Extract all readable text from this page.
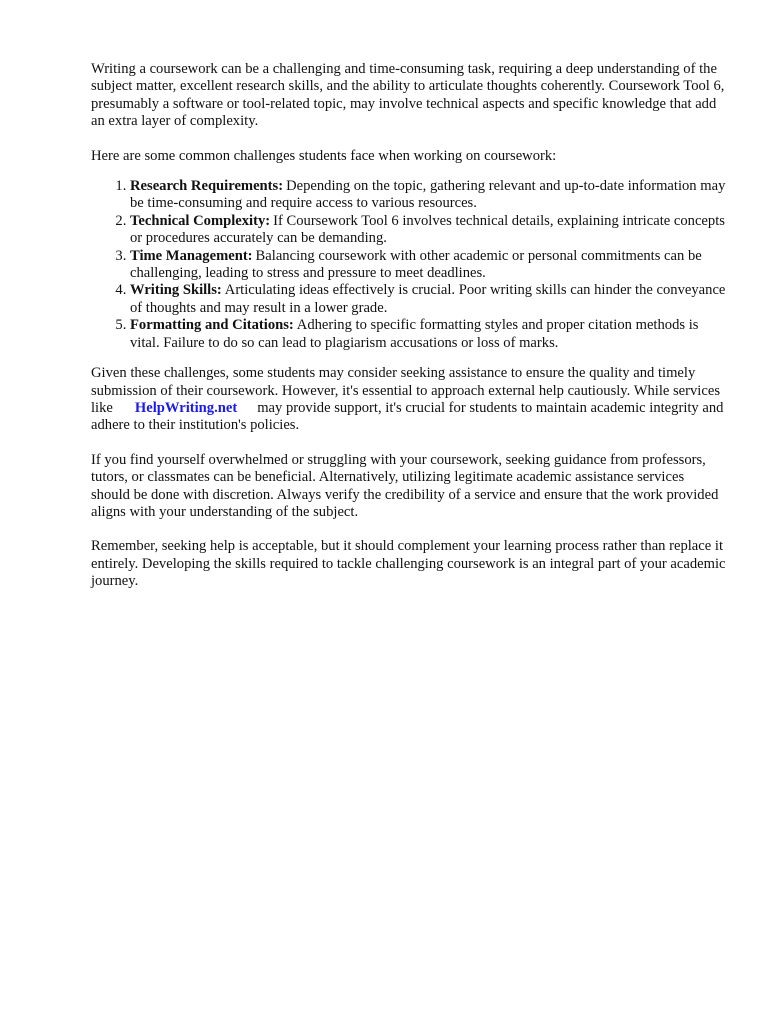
Writing a coursework can be a challenging and time-consuming task, requiring a deep understanding of the subject matter, excellent research skills, and the ability to articulate thoughts coherently. Coursework Tool 6, presumably a software or tool-related topic, may involve technical aspects and specific knowledge that add an extra layer of complexity.

Here are some common challenges students face when working on coursework:

1. Research Requirements: Depending on the topic, gathering relevant and up-to-date information may be time-consuming and require access to various resources.
2. Technical Complexity: If Coursework Tool 6 involves technical details, explaining intricate concepts or procedures accurately can be demanding.
3. Time Management: Balancing coursework with other academic or personal commitments can be challenging, leading to stress and pressure to meet deadlines.
4. Writing Skills: Articulating ideas effectively is crucial. Poor writing skills can hinder the conveyance of thoughts and may result in a lower grade.
5. Formatting and Citations: Adhering to specific formatting styles and proper citation methods is vital. Failure to do so can lead to plagiarism accusations or loss of marks.

Given these challenges, some students may consider seeking assistance to ensure the quality and timely submission of their coursework. However, it's essential to approach external help cautiously. While services like HelpWriting.net may provide support, it's crucial for students to maintain academic integrity and adhere to their institution's policies.

If you find yourself overwhelmed or struggling with your coursework, seeking guidance from professors, tutors, or classmates can be beneficial. Alternatively, utilizing legitimate academic assistance services should be done with discretion. Always verify the credibility of a service and ensure that the work provided aligns with your understanding of the subject.

Remember, seeking help is acceptable, but it should complement your learning process rather than replace it entirely. Developing the skills required to tackle challenging coursework is an integral part of your academic journey.
